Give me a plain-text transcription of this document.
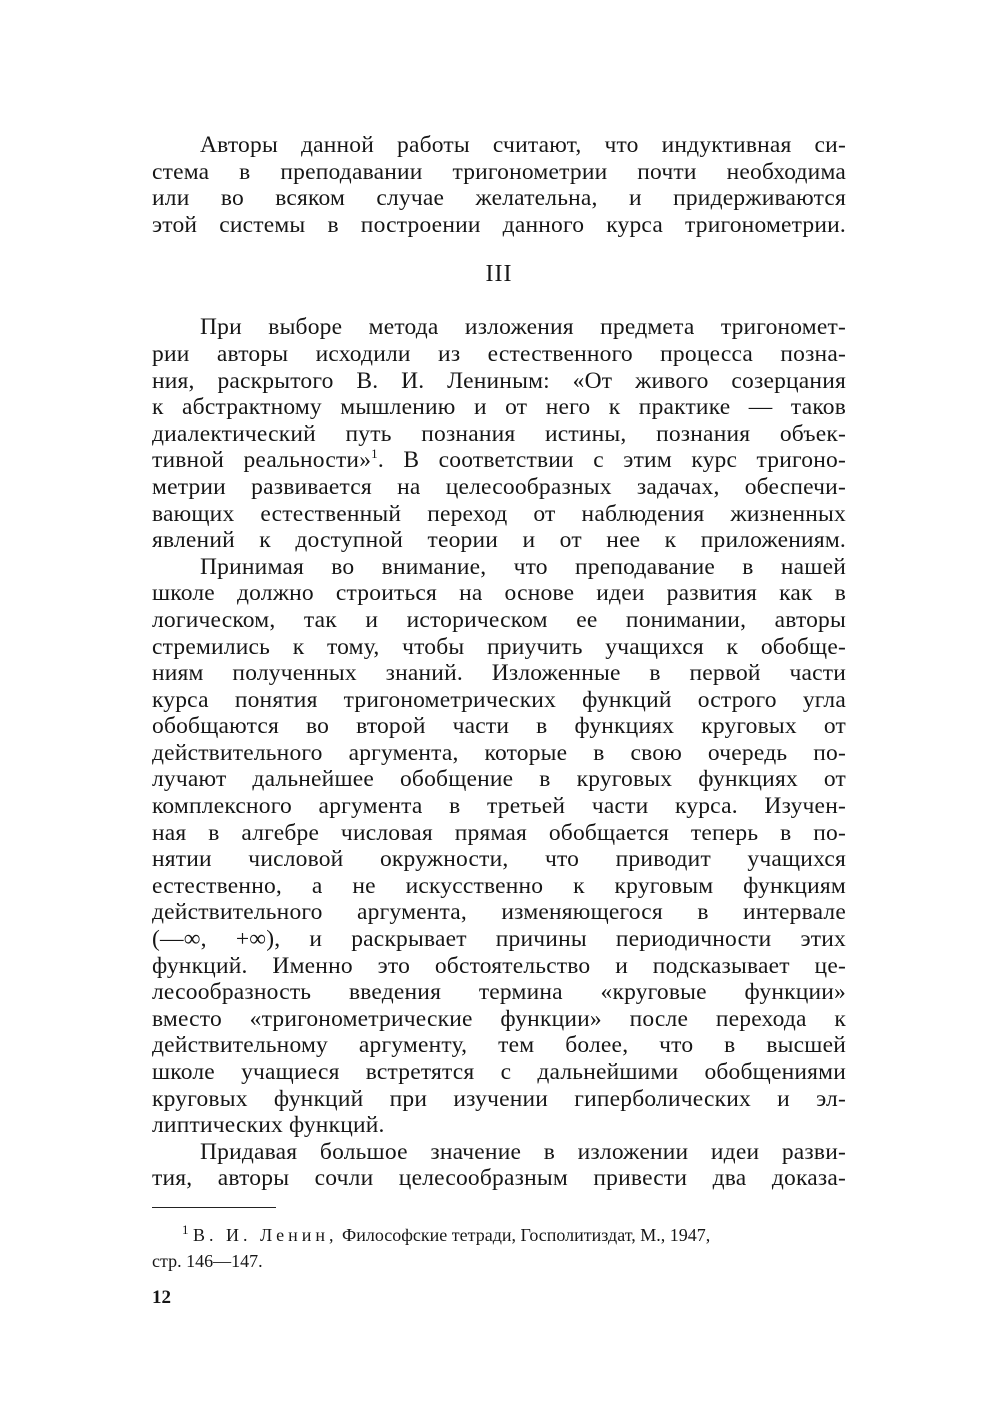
Авторы данной работы считают, что индуктивная си-
стема в преподавании тригонометрии почти необходима
или во всяком случае желательна, и придерживаются
этой системы в построении данного курса тригонометрии.
III
При выборе метода изложения предмета тригономет-
рии авторы исходили из естественного процесса позна-
ния, раскрытого В. И. Лениным: «От живого созерцания
к абстрактному мышлению и от него к практике — таков
диалектический путь познания истины, познания объек-
тивной реальности»$^1$. В соответствии с этим курс тригоно-
метрии развивается на целесообразных задачах, обеспечи-
вающих естественный переход от наблюдения жизненных
явлений к доступной теории и от нее к приложениям.
Принимая во внимание, что преподавание в нашей
школе должно строиться на основе идеи развития как в
логическом, так и историческом ее понимании, авторы
стремились к тому, чтобы приучить учащихся к обобще-
ниям полученных знаний. Изложенные в первой части
курса понятия тригонометрических функций острого угла
обобщаются во второй части в функциях круговых от
действительного аргумента, которые в свою очередь по-
лучают дальнейшее обобщение в круговых функциях от
комплексного аргумента в третьей части курса. Изучен-
ная в алгебре числовая прямая обобщается теперь в по-
нятии числовой окружности, что приводит учащихся
естественно, а не искусственно к круговым функциям
действительного аргумента, изменяющегося в интервале
(—∞, +∞), и раскрывает причины периодичности этих
функций. Именно это обстоятельство и подсказывает це-
лесообразность введения термина «круговые функции»
вместо «тригонометрические функции» после перехода к
действительному аргументу, тем более, что в высшей
школе учащиеся встретятся с дальнейшими обобщениями
круговых функций при изучении гиперболических и эл-
липтических функций.
Придавая большое значение в изложении идеи разви-
тия, авторы сочли целесообразным привести два доказа-
$^1$ В. И. Ленин, Философские тетради, Госполитиздат, М., 1947,
стр. 146—147.
12
